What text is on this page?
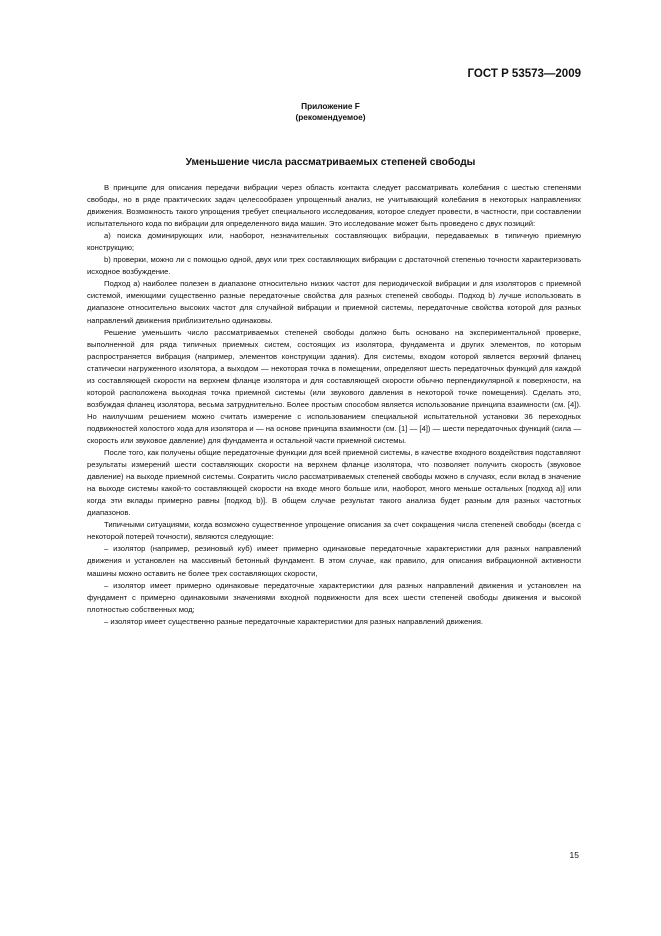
ГОСТ Р 53573—2009
Приложение F
(рекомендуемое)
Уменьшение числа рассматриваемых степеней свободы

В принципе для описания передачи вибрации через область контакта следует рассматривать колебания с шестью степенями свободы, но в ряде практических задач целесообразен упрощенный анализ, не учитывающий колебания в некоторых направлениях движения. Возможность такого упрощения требует специального исследования, которое следует провести, в частности, при составлении испытательного кода по вибрации для определенного вида машин. Это исследование может быть проведено с двух позиций:

a) поиска доминирующих или, наоборот, незначительных составляющих вибрации, передаваемых в типичную приемную конструкцию;

b) проверки, можно ли с помощью одной, двух или трех составляющих вибрации с достаточной степенью точности характеризовать исходное возбуждение.

Подход а) наиболее полезен в диапазоне относительно низких частот для периодической вибрации и для изоляторов с приемной системой, имеющими существенно разные передаточные свойства для разных степеней свободы. Подход b) лучше использовать в диапазоне относительно высоких частот для случайной вибрации и приемной системы, передаточные свойства которой для разных направлений движения приблизительно одинаковы.

Решение уменьшить число рассматриваемых степеней свободы должно быть основано на экспериментальной проверке, выполненной для ряда типичных приемных систем, состоящих из изолятора, фундамента и других элементов, по которым распространяется вибрация (например, элементов конструкции здания). Для системы, входом которой является верхний фланец статически нагруженного изолятора, а выходом — некоторая точка в помещении, определяют шесть передаточных функций для каждой из составляющей скорости на верхнем фланце изолятора и для составляющей скорости обычно перпендикулярной к поверхности, на которой расположена выходная точка приемной системы (или звукового давления в некоторой точке помещения). Сделать это, возбуждая фланец изолятора, весьма затруднительно. Более простым способом является использование принципа взаимности (см. [4]). Но наилучшим решением можно считать измерение с использованием специальной испытательной установки 36 переходных подвижностей холостого хода для изолятора и — на основе принципа взаимности (см. [1] — [4]) — шести передаточных функций (сила — скорость или звуковое давление) для фундамента и остальной части приемной системы.

После того, как получены общие передаточные функции для всей приемной системы, в качестве входного воздействия подставляют результаты измерений шести составляющих скорости на верхнем фланце изолятора, что позволяет получить скорость (звуковое давление) на выходе приемной системы. Сократить число рассматриваемых степеней свободы можно в случаях, если вклад в значение на выходе системы какой-то составляющей скорости на входе много больше или, наоборот, много меньше остальных [подход а)] или когда эти вклады примерно равны [подход b)]. В общем случае результат такого анализа будет разным для разных частотных диапазонов.

Типичными ситуациями, когда возможно существенное упрощение описания за счет сокращения числа степеней свободы (всегда с некоторой потерей точности), являются следующие:

– изолятор (например, резиновый куб) имеет примерно одинаковые передаточные характеристики для разных направлений движения и установлен на массивный бетонный фундамент. В этом случае, как правило, для описания вибрационной активности машины можно оставить не более трех составляющих скорости,

– изолятор имеет примерно одинаковые передаточные характеристики для разных направлений движения и установлен на фундамент с примерно одинаковыми значениями входной подвижности для всех шести степеней свободы движения и высокой плотностью собственных мод;

– изолятор имеет существенно разные передаточные характеристики для разных направлений движения.

15
